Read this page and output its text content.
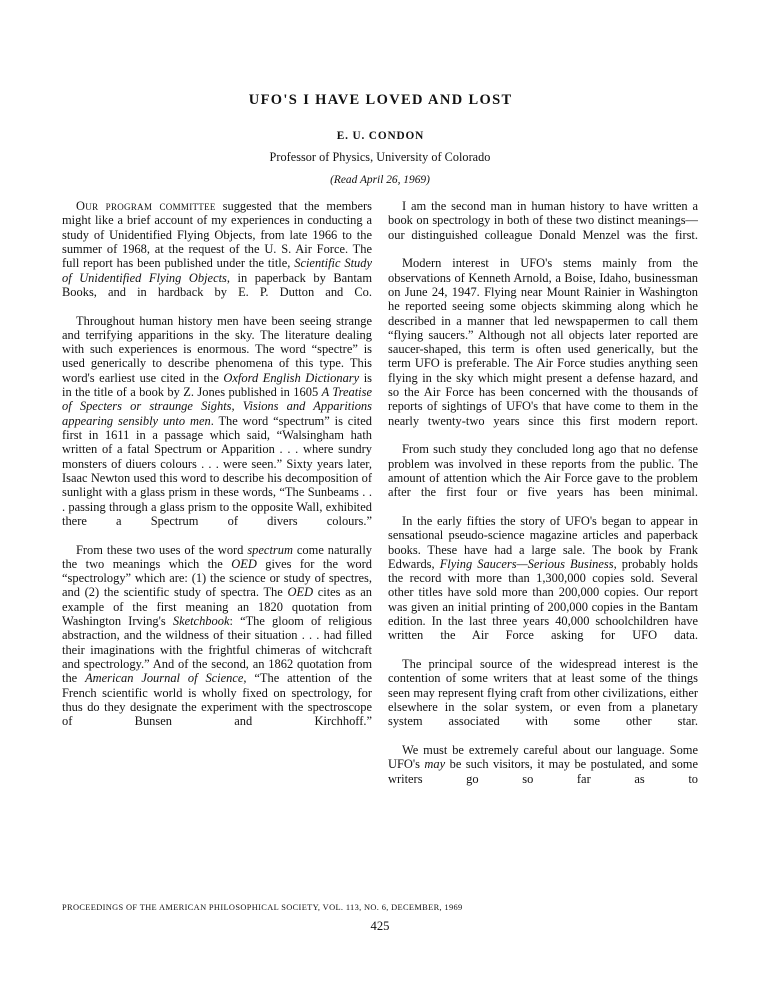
UFO'S I HAVE LOVED AND LOST
E. U. CONDON
Professor of Physics, University of Colorado
(Read April 26, 1969)

Our program committee suggested that the members might like a brief account of my experiences in conducting a study of Unidentified Flying Objects, from late 1966 to the summer of 1968, at the request of the U. S. Air Force. The full report has been published under the title, Scientific Study of Unidentified Flying Objects, in paperback by Bantam Books, and in hardback by E. P. Dutton and Co.

Throughout human history men have been seeing strange and terrifying apparitions in the sky. The literature dealing with such experiences is enormous. The word “spectre” is used generically to describe phenomena of this type. This word's earliest use cited in the Oxford English Dictionary is in the title of a book by Z. Jones published in 1605 A Treatise of Specters or straunge Sights, Visions and Apparitions appearing sensibly unto men. The word “spectrum” is cited first in 1611 in a passage which said, “Walsingham hath written of a fatal Spectrum or Apparition . . . where sundry monsters of diuers colours . . . were seen.” Sixty years later, Isaac Newton used this word to describe his decomposition of sunlight with a glass prism in these words, “The Sunbeams . . . passing through a glass prism to the opposite Wall, exhibited there a Spectrum of divers colours.”

From these two uses of the word spectrum come naturally the two meanings which the OED gives for the word “spectrology” which are: (1) the science or study of spectres, and (2) the scientific study of spectra. The OED cites as an example of the first meaning an 1820 quotation from Washington Irving's Sketchbook: “The gloom of religious abstraction, and the wildness of their situation . . . had filled their imaginations with the frightful chimeras of witchcraft and spectrology.” And of the second, an 1862 quotation from the American Journal of Science, “The attention of the French scientific world is wholly fixed on spectrology, for thus do they designate the experiment with the spectroscope of Bunsen and Kirchhoff.”

I am the second man in human history to have written a book on spectrology in both of these two distinct meanings—our distinguished colleague Donald Menzel was the first.

Modern interest in UFO's stems mainly from the observations of Kenneth Arnold, a Boise, Idaho, businessman on June 24, 1947. Flying near Mount Rainier in Washington he reported seeing some objects skimming along which he described in a manner that led newspapermen to call them “flying saucers.” Although not all objects later reported are saucer-shaped, this term is often used generically, but the term UFO is preferable. The Air Force studies anything seen flying in the sky which might present a defense hazard, and so the Air Force has been concerned with the thousands of reports of sightings of UFO's that have come to them in the nearly twenty-two years since this first modern report.

From such study they concluded long ago that no defense problem was involved in these reports from the public. The amount of attention which the Air Force gave to the problem after the first four or five years has been minimal.

In the early fifties the story of UFO's began to appear in sensational pseudo-science magazine articles and paperback books. These have had a large sale. The book by Frank Edwards, Flying Saucers—Serious Business, probably holds the record with more than 1,300,000 copies sold. Several other titles have sold more than 200,000 copies. Our report was given an initial printing of 200,000 copies in the Bantam edition. In the last three years 40,000 schoolchildren have written the Air Force asking for UFO data.

The principal source of the widespread interest is the contention of some writers that at least some of the things seen may represent flying craft from other civilizations, either elsewhere in the solar system, or even from a planetary system associated with some other star.

We must be extremely careful about our language. Some UFO's may be such visitors, it may be postulated, and some writers go so far as to

PROCEEDINGS OF THE AMERICAN PHILOSOPHICAL SOCIETY, VOL. 113, NO. 6, DECEMBER, 1969
425
